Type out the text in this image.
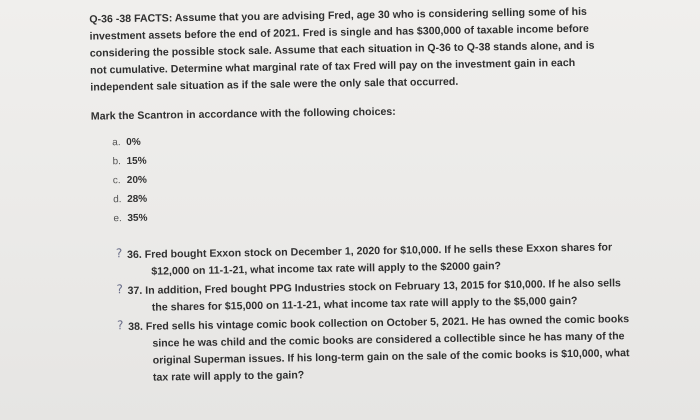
Q-36 -38 FACTS: Assume that you are advising Fred, age 30 who is considering selling some of his
investment assets before the end of 2021. Fred is single and has $300,000 of taxable income before
considering the possible stock sale. Assume that each situation in Q-36 to Q-38 stands alone, and is
not cumulative. Determine what marginal rate of tax Fred will pay on the investment gain in each
independent sale situation as if the sale were the only sale that occurred.
Mark the Scantron in accordance with the following choices:
a. 0%
b. 15%
c. 20%
d. 28%
e. 35%
? 36. Fred bought Exxon stock on December 1, 2020 for $10,000. If he sells these Exxon shares for
$12,000 on 11-1-21, what income tax rate will apply to the $2000 gain?
? 37. In addition, Fred bought PPG Industries stock on February 13, 2015 for $10,000. If he also sells
the shares for $15,000 on 11-1-21, what income tax rate will apply to the $5,000 gain?
? 38. Fred sells his vintage comic book collection on October 5, 2021. He has owned the comic books
since he was child and the comic books are considered a collectible since he has many of the
original Superman issues. If his long-term gain on the sale of the comic books is $10,000, what
tax rate will apply to the gain?
